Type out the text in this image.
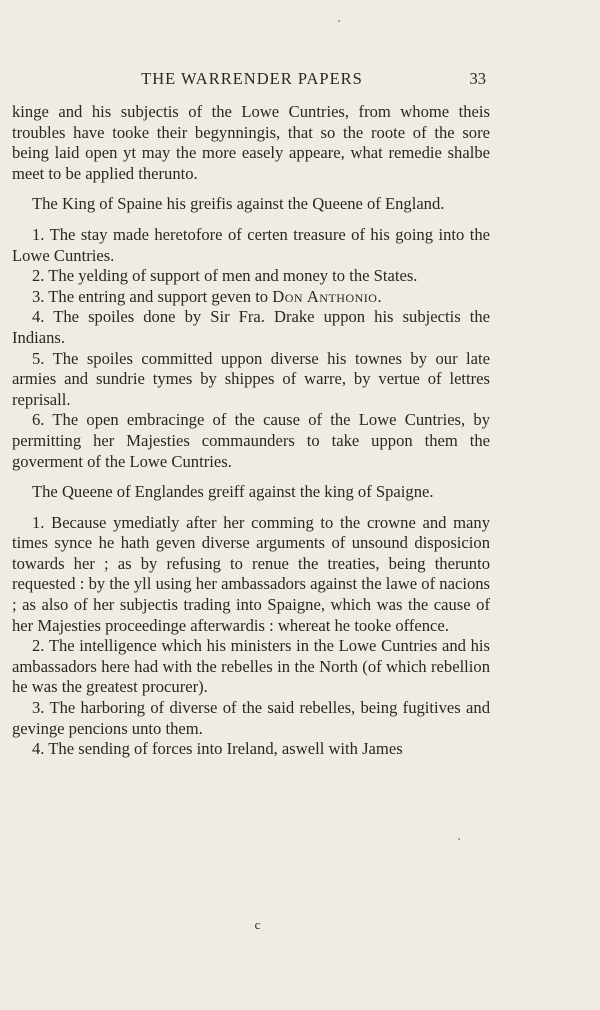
THE WARRENDER PAPERS	33

kinge and his subjectis of the Lowe Cuntries, from whome theis troubles have tooke their begynningis, that so the roote of the sore being laid open yt may the more easely appeare, what remedie shalbe meet to be applied therunto.

The King of Spaine his greifis against the Queene of England.

1. The stay made heretofore of certen treasure of his going into the Lowe Cuntries.

2. The yelding of support of men and money to the States.

3. The entring and support geven to Don Anthonio.

4. The spoiles done by Sir Fra. Drake uppon his subjectis the Indians.

5. The spoiles committed uppon diverse his townes by our late armies and sundrie tymes by shippes of warre, by vertue of lettres reprisall.

6. The open embracinge of the cause of the Lowe Cuntries, by permitting her Majesties commaunders to take uppon them the goverment of the Lowe Cuntries.

The Queene of Englandes greiff against the king of Spaigne.

1. Because ymediatly after her comming to the crowne and many times synce he hath geven diverse arguments of unsound disposicion towards her ; as by refusing to renue the treaties, being therunto requested : by the yll using her ambassadors against the lawe of nacions ; as also of her subjectis trading into Spaigne, which was the cause of her Majesties proceedinge afterwardis : whereat he tooke offence.

2. The intelligence which his ministers in the Lowe Cuntries and his ambassadors here had with the rebelles in the North (of which rebellion he was the greatest procurer).

3. The harboring of diverse of the said rebelles, being fugitives and gevinge pencions unto them.

4. The sending of forces into Ireland, aswell with James

c
